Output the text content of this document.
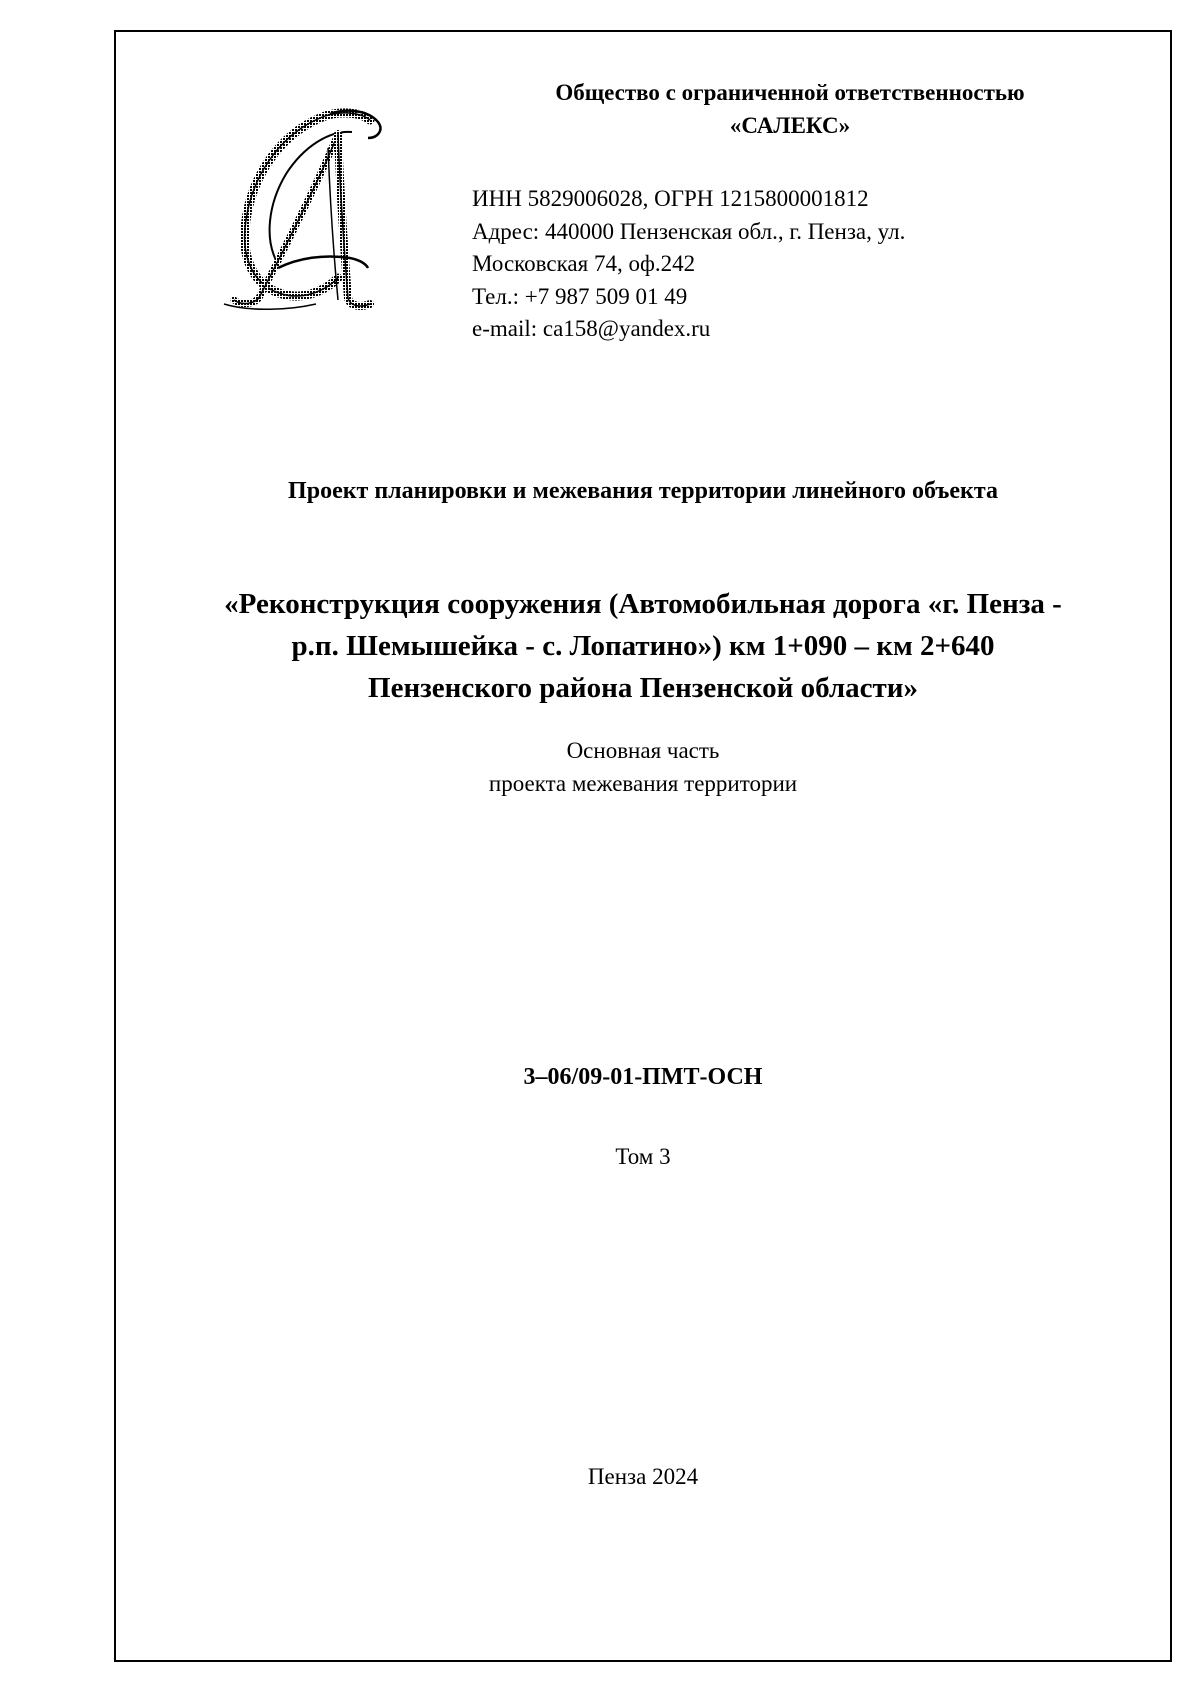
Общество с ограниченной ответственностью
«САЛЕКС»
ИНН 5829006028, ОГРН 1215800001812
Адрес: 440000 Пензенская обл., г. Пенза, ул.
Московская 74, оф.242
Тел.: +7 987 509 01 49
e-mail: ca158@yandex.ru
Проект планировки и межевания территории линейного объекта
«Реконструкция сооружения (Автомобильная дорога «г. Пенза -
р.п. Шемышейка - с. Лопатино») км 1+090 – км 2+640
Пензенского района Пензенской области»
Основная часть
проекта межевания территории
3–06/09-01-ПМТ-ОСН
Том 3
Пенза 2024
